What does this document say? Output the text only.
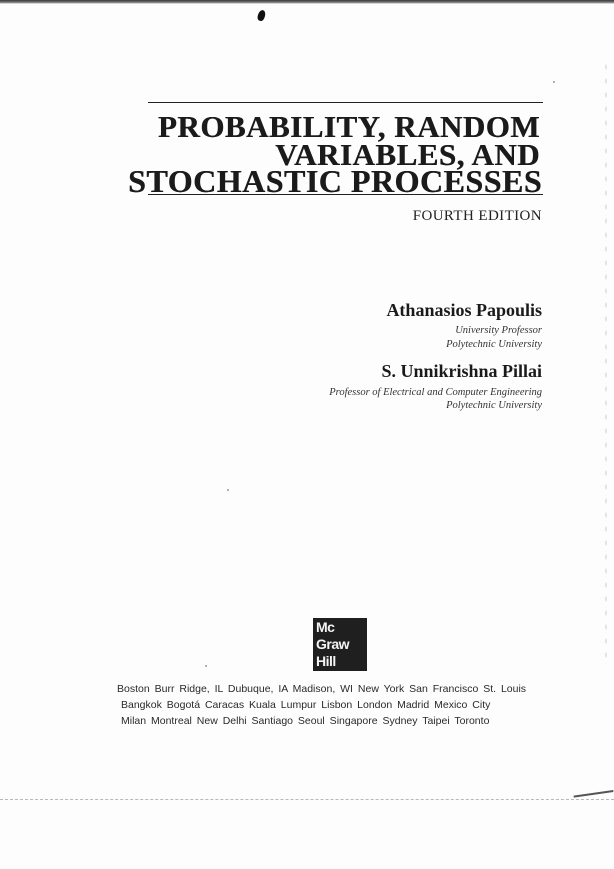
PROBABILITY, RANDOM
VARIABLES, AND
STOCHASTIC PROCESSES
FOURTH EDITION
Athanasios Papoulis
University Professor
Polytechnic University
S. Unnikrishna Pillai
Professor of Electrical and Computer Engineering
Polytechnic University
Mc
Graw
Hill
Boston Burr Ridge, IL Dubuque, IA Madison, WI New York San Francisco St. Louis
Bangkok Bogotá Caracas Kuala Lumpur Lisbon London Madrid Mexico City
Milan Montreal New Delhi Santiago Seoul Singapore Sydney Taipei Toronto
